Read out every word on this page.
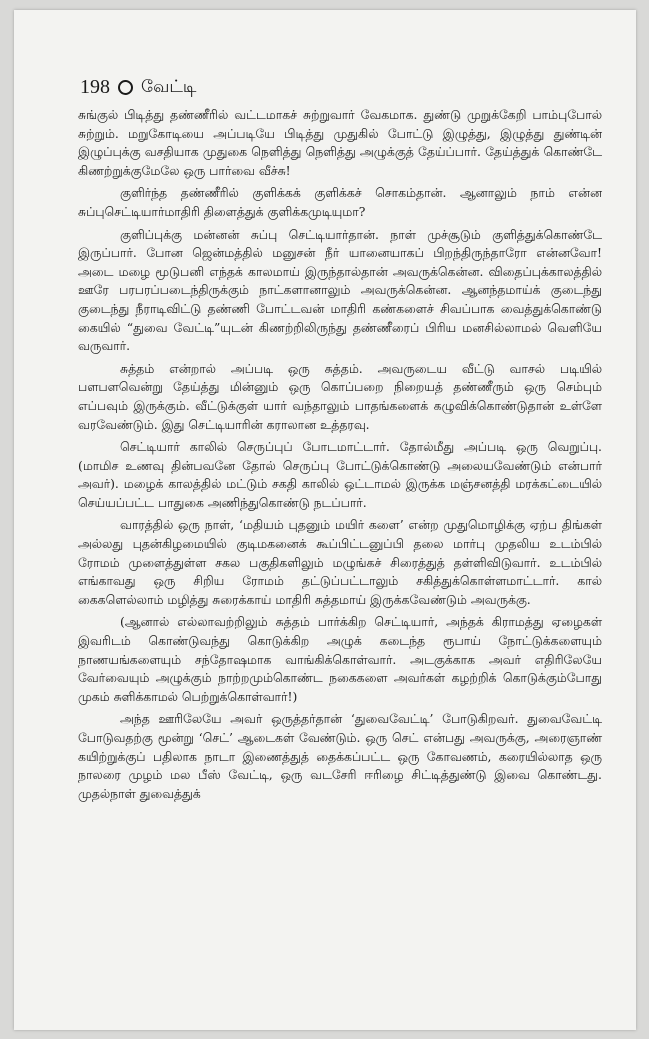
198 வேட்டி

சுங்குல் பிடித்து தண்ணீரில் வட்டமாகச் சுற்றுவார் வேகமாக. துண்டு முறுக்கேறி பாம்புபோல் சுற்றும். மறுகோடியை அப்படியே பிடித்து முதுகில் போட்டு இழுத்து, இழுத்து துண்டின் இழுப்புக்கு வசதியாக முதுகை நெளித்து நெளித்து அழுக்குத் தேய்ப்பார். தேய்த்துக் கொண்டே கிணற்றுக்குமேலே ஒரு பார்வை வீச்சு!

குளிர்ந்த தண்ணீரில் குளிக்கக் குளிக்கச் சொகம்தான். ஆனாலும் நாம் என்ன சுப்புசெட்டியார்மாதிரி திளைத்துக் குளிக்கமுடியுமா?

குளிப்புக்கு மன்னன் சுப்பு செட்டியார்தான். நாள் முச்சூடும் குளித்துக்கொண்டே இருப்பார். போன ஜென்மத்தில் மனுசன் நீர் யானையாகப் பிறந்திருந்தாரோ என்னவோ! அடை மழை மூடுபனி எந்தக் காலமாய் இருந்தால்தான் அவருக்கென்ன. விதைப்புக்காலத்தில் ஊரே பரபரப்படைந்திருக்கும் நாட்களானாலும் அவருக்கென்ன. ஆனந்தமாய்க் குடைந்து குடைந்து நீராடிவிட்டு தண்ணி போட்டவன் மாதிரி கண்களைச் சிவப்பாக வைத்துக்கொண்டு கையில் “துவை வேட்டி”யுடன் கிணற்றிலிருந்து தண்ணீரைப் பிரிய மனசில்லாமல் வெளியே வருவார்.

சுத்தம் என்றால் அப்படி ஒரு சுத்தம். அவருடைய வீட்டு வாசல் படியில் பளபளவென்று தேய்த்து மின்னும் ஒரு கொப்பறை நிறையத் தண்ணீரும் ஒரு செம்பும் எப்பவும் இருக்கும். வீட்டுக்குள் யார் வந்தாலும் பாதங்களைக் கழுவிக்கொண்டுதான் உள்ளே வரவேண்டும். இது செட்டியாரின் கராலான உத்தரவு.

செட்டியார் காலில் செருப்புப் போடமாட்டார். தோல்மீது அப்படி ஒரு வெறுப்பு. (மாமிச உணவு தின்பவனே தோல் செருப்பு போட்டுக்கொண்டு அலையவேண்டும் என்பார் அவர்). மழைக் காலத்தில் மட்டும் சகதி காலில் ஒட்டாமல் இருக்க மஞ்சனத்தி மரக்கட்டையில் செய்யப்பட்ட பாதுகை அணிந்துகொண்டு நடப்பார்.

வாரத்தில் ஒரு நாள், ‘மதியம் புதனும் மயிர் களை’ என்ற முதுமொழிக்கு ஏற்ப திங்கள் அல்லது புதன்கிழமையில் குடிமகனைக் கூப்பிட்டனுப்பி தலை மார்பு முதலிய உடம்பில் ரோமம் முளைத்துள்ள சகல பகுதிகளிலும் மழுங்கச் சிரைத்துத் தள்ளிவிடுவார். உடம்பில் எங்காவது ஒரு சிறிய ரோமம் தட்டுப்பட்டாலும் சகித்துக்கொள்ளமாட்டார். கால் கைகளெல்லாம் மழித்து சுரைக்காய் மாதிரி சுத்தமாய் இருக்கவேண்டும் அவருக்கு.

(ஆனால் எல்லாவற்றிலும் சுத்தம் பார்க்கிற செட்டியார், அந்தக் கிராமத்து ஏழைகள் இவரிடம் கொண்டுவந்து கொடுக்கிற அழுக் கடைந்த ரூபாய் நோட்டுக்களையும் நாணயங்களையும் சந்தோஷமாக வாங்கிக்கொள்வார். அடகுக்காக அவர் எதிரிலேயே வேர்வையும் அழுக்கும் நாற்றமும்கொண்ட நகைகளை அவர்கள் கழற்றிக் கொடுக்கும்போது முகம் சுளிக்காமல் பெற்றுக்கொள்வார்!)

அந்த ஊரிலேயே அவர் ஒருத்தர்தான் ‘துவைவேட்டி’ போடுகிறவர். துவைவேட்டி போடுவதற்கு மூன்று ‘செட்’ ஆடைகள் வேண்டும். ஒரு செட் என்பது அவருக்கு, அரைஞாண் கயிற்றுக்குப் பதிலாக நாடா இணைத்துத் தைக்கப்பட்ட ஒரு கோவணம், கரையில்லாத ஒரு நாலரை முழம் மல பீஸ் வேட்டி, ஒரு வடசேரி ஈரிழை சிட்டித்துண்டு இவை கொண்டது. முதல்நாள் துவைத்துக்
